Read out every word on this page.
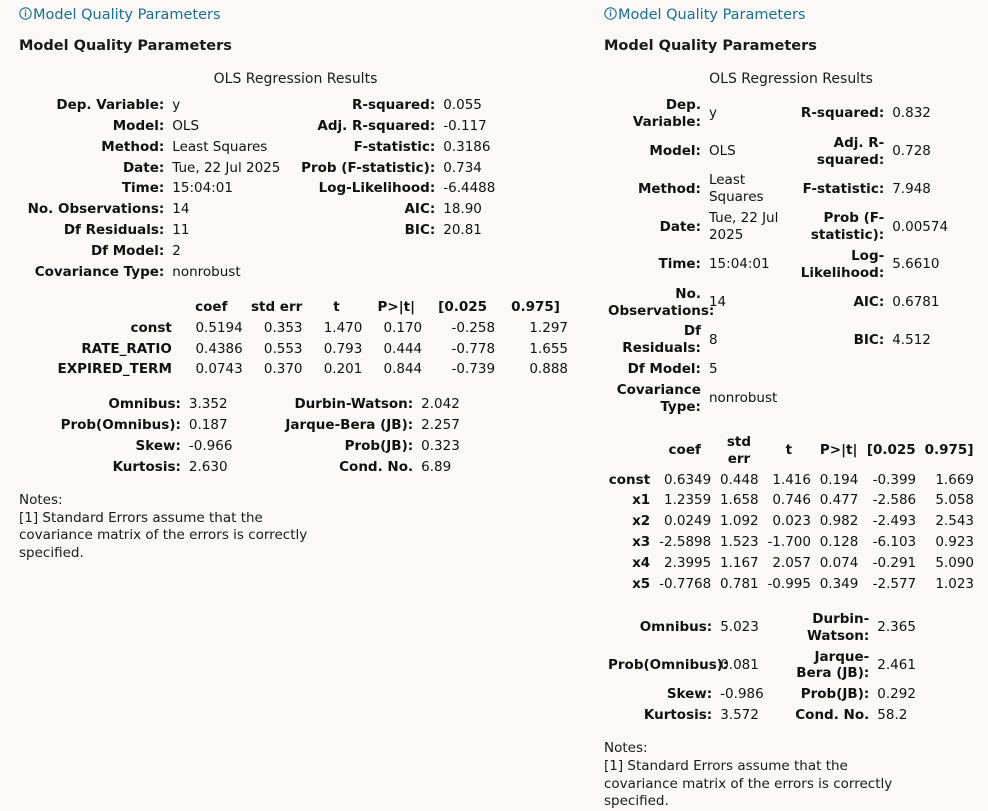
Model Quality Parameters
Model Quality Parameters
OLS Regression Results
Dep. Variable:	y	R-squared:	0.055
Model:	OLS	Adj. R-squared:	-0.117
Method:	Least Squares	F-statistic:	0.3186
Date:	Tue, 22 Jul 2025	Prob (F-statistic):	0.734
Time:	15:04:01	Log-Likelihood:	-6.4488
No. Observations:	14	AIC:	18.90
Df Residuals:	11	BIC:	20.81
Df Model:	2		
Covariance Type:	nonrobust		
	coef	std err	t	P>|t|	[0.025	0.975]
const	0.5194	0.353	1.470	0.170	-0.258	1.297
RATE_RATIO	0.4386	0.553	0.793	0.444	-0.778	1.655
EXPIRED_TERM	0.0743	0.370	0.201	0.844	-0.739	0.888
Omnibus:	3.352	Durbin-Watson:	2.042
Prob(Omnibus):	0.187	Jarque-Bera (JB):	2.257
Skew:	-0.966	Prob(JB):	0.323
Kurtosis:	2.630	Cond. No.	6.89
Notes:
[1] Standard Errors assume that the covariance matrix of the errors is correctly specified.
Model Quality Parameters
Model Quality Parameters
OLS Regression Results
Dep. Variable:	y	R-squared:	0.832
Model:	OLS	Adj. R-squared:	0.728
Method:	Least Squares	F-statistic:	7.948
Date:	Tue, 22 Jul 2025	Prob (F-statistic):	0.00574
Time:	15:04:01	Log-Likelihood:	5.6610
No. Observations:	14	AIC:	0.6781
Df Residuals:	8	BIC:	4.512
Df Model:	5		
Covariance Type:	nonrobust		
	coef	std err	t	P>|t|	[0.025	0.975]
const	0.6349	0.448	1.416	0.194	-0.399	1.669
x1	1.2359	1.658	0.746	0.477	-2.586	5.058
x2	0.0249	1.092	0.023	0.982	-2.493	2.543
x3	-2.5898	1.523	-1.700	0.128	-6.103	0.923
x4	2.3995	1.167	2.057	0.074	-0.291	5.090
x5	-0.7768	0.781	-0.995	0.349	-2.577	1.023
Omnibus:	5.023	Durbin-Watson:	2.365
Prob(Omnibus):	0.081	Jarque-Bera (JB):	2.461
Skew:	-0.986	Prob(JB):	0.292
Kurtosis:	3.572	Cond. No.	58.2
Notes:
[1] Standard Errors assume that the covariance matrix of the errors is correctly specified.
